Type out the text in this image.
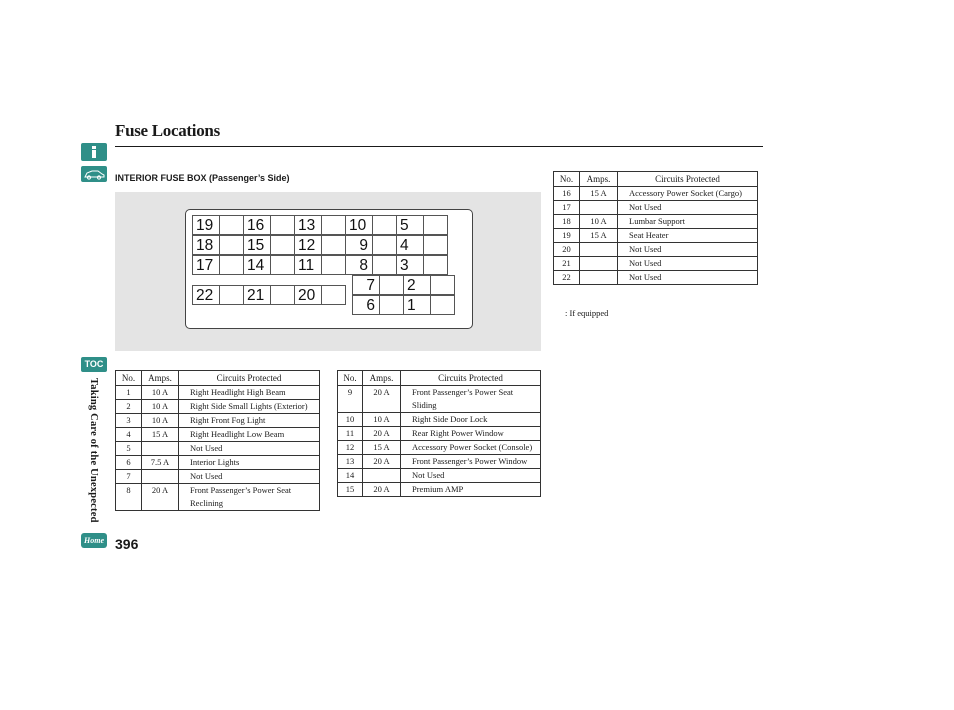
Fuse Locations
TOC
Taking Care of the Unexpected
Home 396
INTERIOR FUSE BOX (Passenger’s Side)
19	16	13	10	5
18	15	12	9	4
17	14	11	8	3
7	2
22	21	20
6	1
No.	Amps.	Circuits Protected
1	10 A	Right Headlight High Beam
2	10 A	Right Side Small Lights (Exterior)
3	10 A	Right Front Fog Light
4	15 A	Right Headlight Low Beam
5		Not Used
6	7.5 A	Interior Lights
7		Not Used
8	20 A	Front Passenger’s Power Seat Reclining
No.	Amps.	Circuits Protected
9	20 A	Front Passenger’s Power Seat Sliding
10	10 A	Right Side Door Lock
11	20 A	Rear Right Power Window
12	15 A	Accessory Power Socket (Console)
13	20 A	Front Passenger’s Power Window
14		Not Used
15	20 A	Premium AMP
No.	Amps.	Circuits Protected
16	15 A	Accessory Power Socket (Cargo)
17		Not Used
18	10 A	Lumbar Support
19	15 A	Seat Heater
20		Not Used
21		Not Used
22		Not Used
: If equipped
